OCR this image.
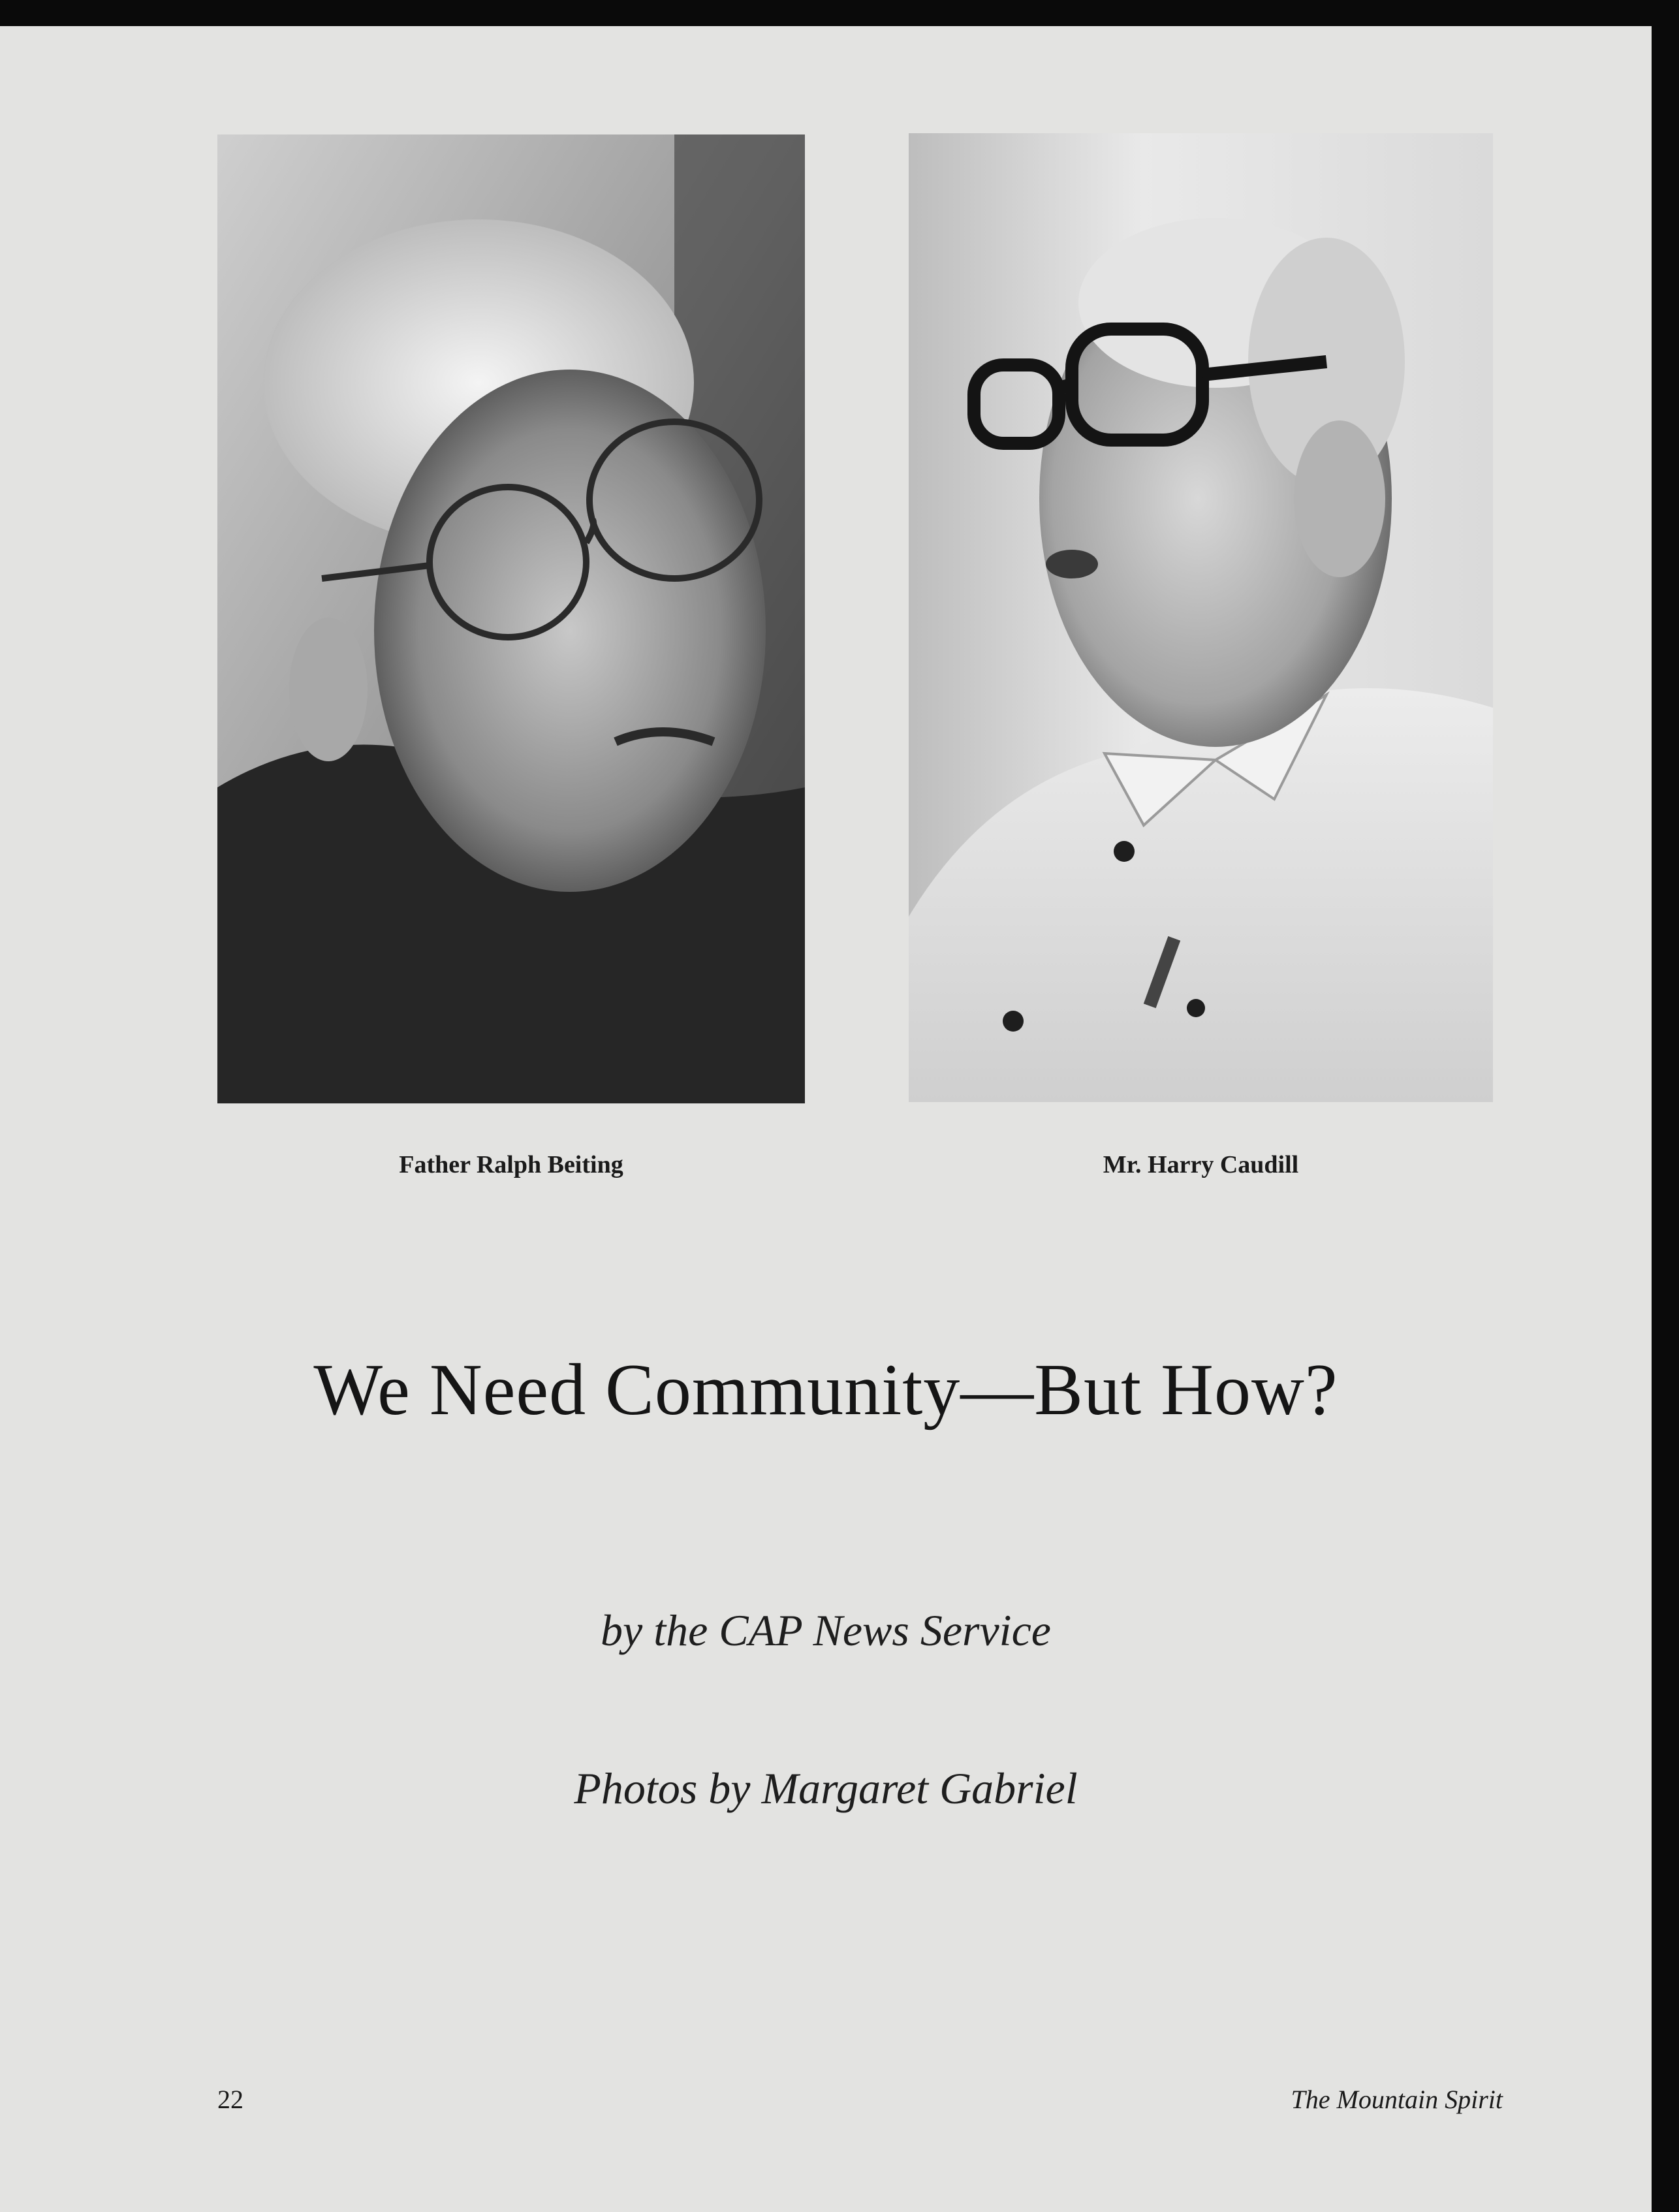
Father Ralph Beiting	Mr. Harry Caudill
We Need Community—But How?
by the CAP News Service
Photos by Margaret Gabriel
22	The Mountain Spirit
